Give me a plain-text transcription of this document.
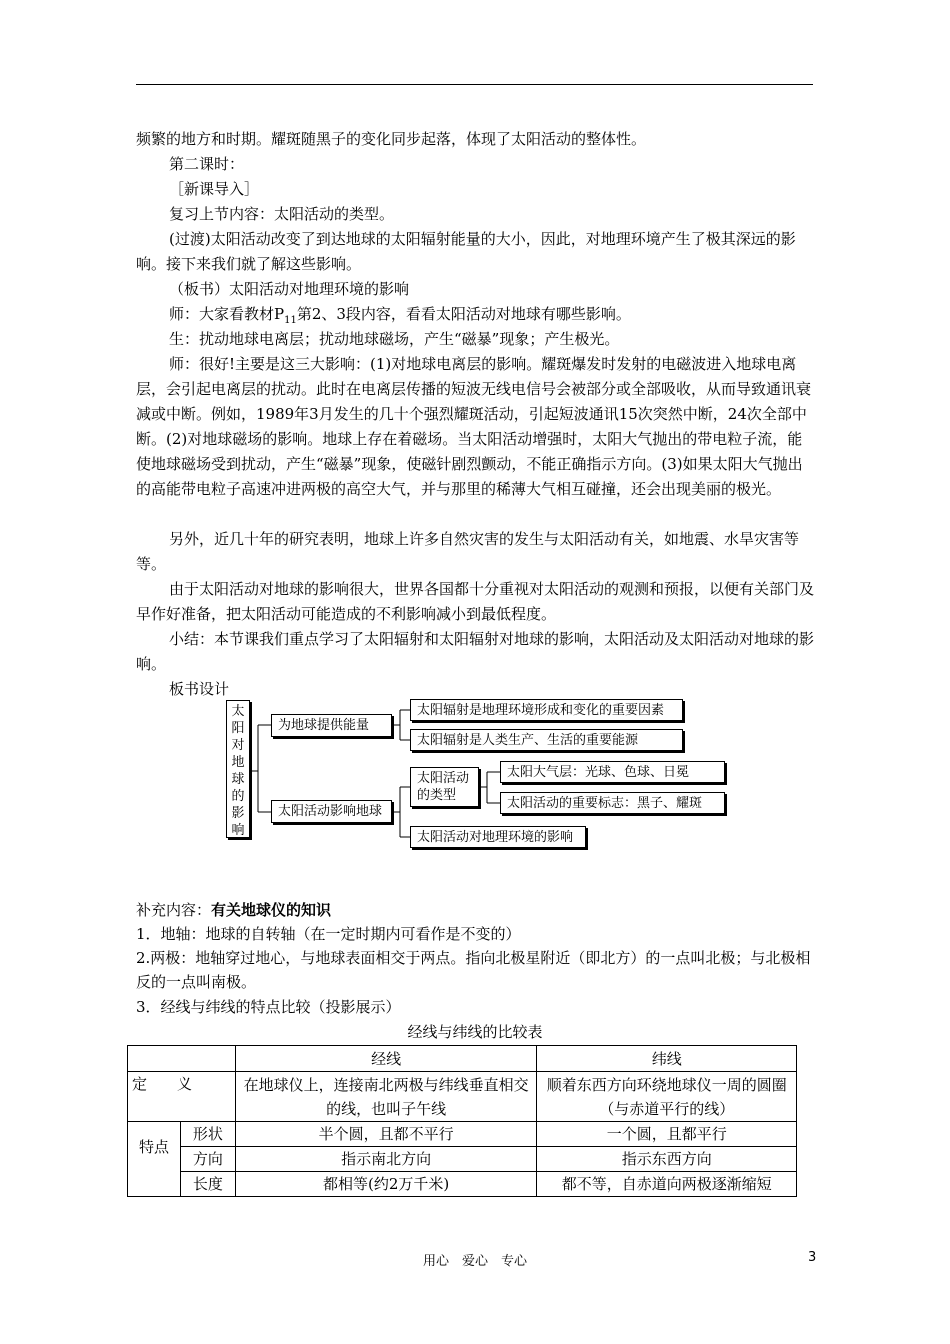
频繁的地方和时期。耀斑随黑子的变化同步起落，体现了太阳活动的整体性。

第二课时：

［新课导入］

复习上节内容：太阳活动的类型。

(过渡)太阳活动改变了到达地球的太阳辐射能量的大小，因此，对地理环境产生了极其深远的影响。接下来我们就了解这些影响。

（板书）太阳活动对地理环境的影响

师：大家看教材$P_{11}$第2、3段内容，看看太阳活动对地球有哪些影响。

生：扰动地球电离层；扰动地球磁场，产生“磁暴”现象；产生极光。

师：很好!主要是这三大影响：(1)对地球电离层的影响。耀斑爆发时发射的电磁波进入地球电离层，会引起电离层的扰动。此时在电离层传播的短波无线电信号会被部分或全部吸收，从而导致通讯衰减或中断。例如，1989年3月发生的几十个强烈耀斑活动，引起短波通讯15次突然中断，24次全部中断。(2)对地球磁场的影响。地球上存在着磁场。当太阳活动增强时，太阳大气抛出的带电粒子流，能使地球磁场受到扰动，产生“磁暴”现象，使磁针剧烈颤动，不能正确指示方向。(3)如果太阳大气抛出的高能带电粒子高速冲进两极的高空大气，并与那里的稀薄大气相互碰撞，还会出现美丽的极光。

另外，近几十年的研究表明，地球上许多自然灾害的发生与太阳活动有关，如地震、水旱灾害等等。

由于太阳活动对地球的影响很大，世界各国都十分重视对太阳活动的观测和预报，以便有关部门及早作好准备，把太阳活动可能造成的不利影响减小到最低程度。

小结：本节课我们重点学习了太阳辐射和太阳辐射对地球的影响，太阳活动及太阳活动对地球的影响。

板书设计

太阳对地球的影响
为地球提供能量
太阳辐射是地理环境形成和变化的重要因素
太阳辐射是人类生产、生活的重要能源
太阳活动影响地球
太阳活动的类型
太阳大气层：光球、色球、日冕
太阳活动的重要标志：黑子、耀斑
太阳活动对地理环境的影响
补充内容：有关地球仪的知识
1．地轴：地球的自转轴（在一定时期内可看作是不变的）

2.两极：地轴穿过地心，与地球表面相交于两点。指向北极星附近（即北方）的一点叫北极；与北极相反的一点叫南极。

3．经线与纬线的特点比较（投影展示）
经线与纬线的比较表
		经线	纬线
定　　义		在地球仪上，连接南北两极与纬线垂直相交的线，也叫子午线	顺着东西方向环绕地球仪一周的圆圈（与赤道平行的线）
特点	形状	半个圆，且都不平行	一个圆，且都平行
	方向	指示南北方向	指示东西方向
	长度	都相等(约2万千米)	都不等，自赤道向两极逐渐缩短
用心　爱心　专心	3
